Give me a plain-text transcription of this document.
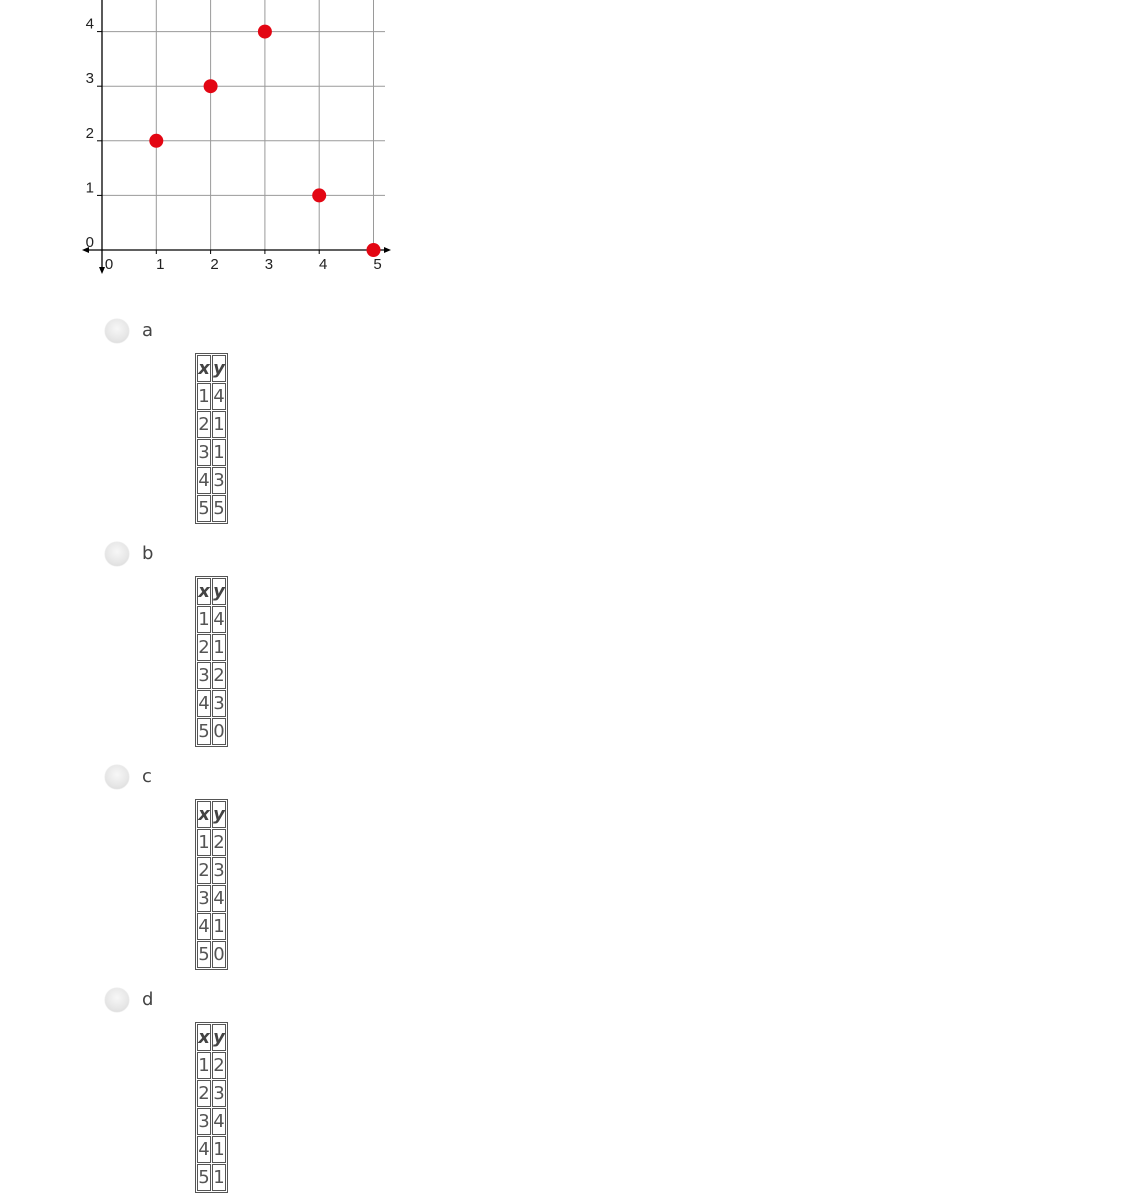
0	1	2	3	4	5
0
1
2
3
4
a
x	y
1	4
2	1
3	1
4	3
5	5
b
x	y
1	4
2	1
3	2
4	3
5	0
c
x	y
1	2
2	3
3	4
4	1
5	0
d
x	y
1	2
2	3
3	4
4	1
5	1
